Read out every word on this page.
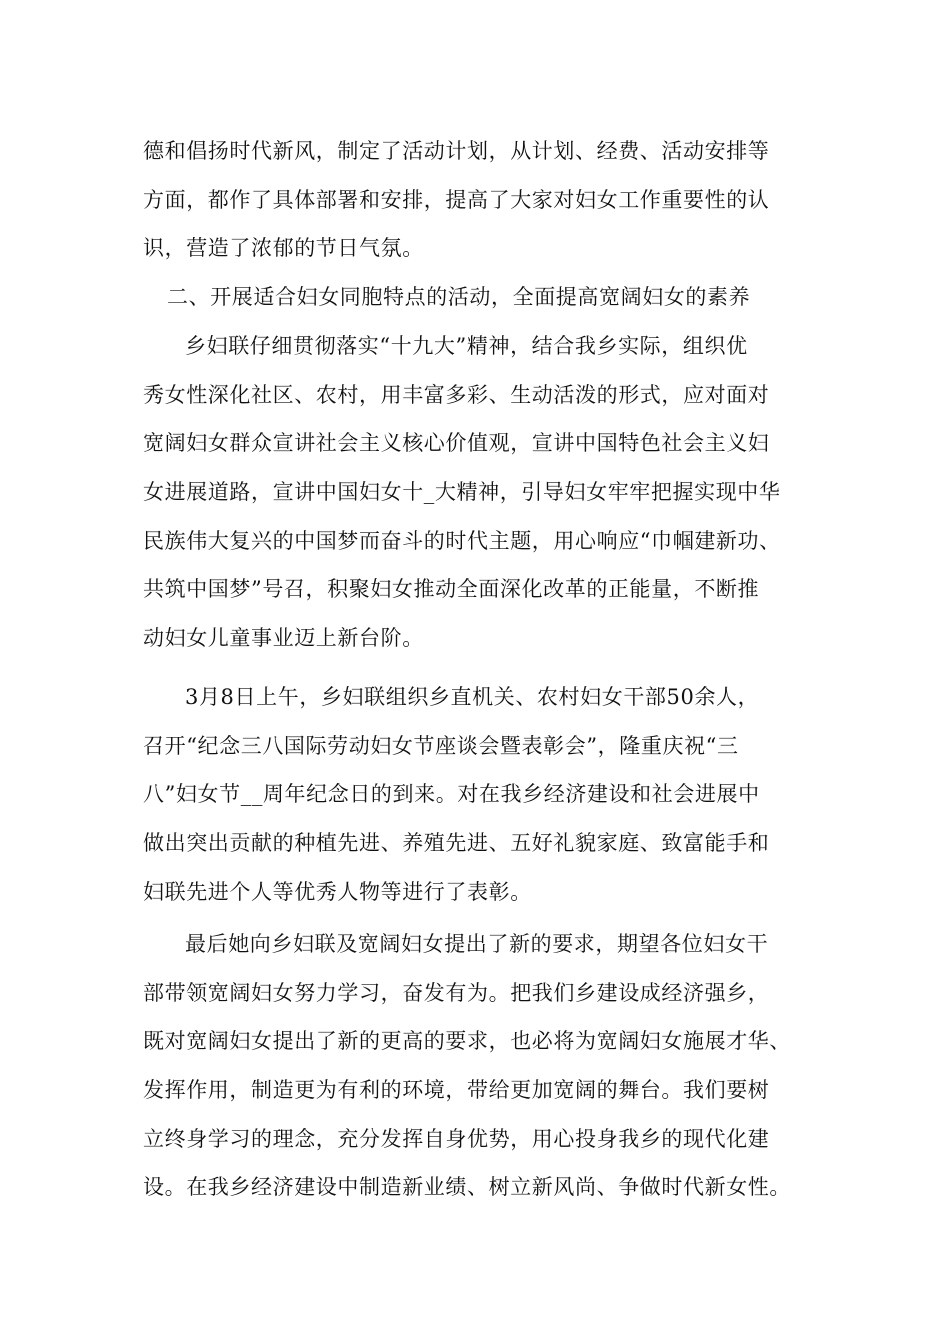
德和倡扬时代新风，制定了活动计划，从计划、经费、活动安排等
方面，都作了具体部署和安排，提高了大家对妇女工作重要性的认
识，营造了浓郁的节日气氛。
二、开展适合妇女同胞特点的活动，全面提高宽阔妇女的素养
乡妇联仔细贯彻落实“十九大”精神，结合我乡实际，组织优
秀女性深化社区、农村，用丰富多彩、生动活泼的形式，应对面对
宽阔妇女群众宣讲社会主义核心价值观，宣讲中国特色社会主义妇
女进展道路，宣讲中国妇女十_大精神，引导妇女牢牢把握实现中华
民族伟大复兴的中国梦而奋斗的时代主题，用心响应“巾帼建新功、
共筑中国梦”号召，积聚妇女推动全面深化改革的正能量，不断推
动妇女儿童事业迈上新台阶。
3月8日上午，乡妇联组织乡直机关、农村妇女干部50余人，
召开“纪念三八国际劳动妇女节座谈会暨表彰会”，隆重庆祝“三
八”妇女节__周年纪念日的到来。对在我乡经济建设和社会进展中
做出突出贡献的种植先进、养殖先进、五好礼貌家庭、致富能手和
妇联先进个人等优秀人物等进行了表彰。
最后她向乡妇联及宽阔妇女提出了新的要求，期望各位妇女干
部带领宽阔妇女努力学习，奋发有为。把我们乡建设成经济强乡，
既对宽阔妇女提出了新的更高的要求，也必将为宽阔妇女施展才华、
发挥作用，制造更为有利的环境，带给更加宽阔的舞台。我们要树
立终身学习的理念，充分发挥自身优势，用心投身我乡的现代化建
设。在我乡经济建设中制造新业绩、树立新风尚、争做时代新女性。
